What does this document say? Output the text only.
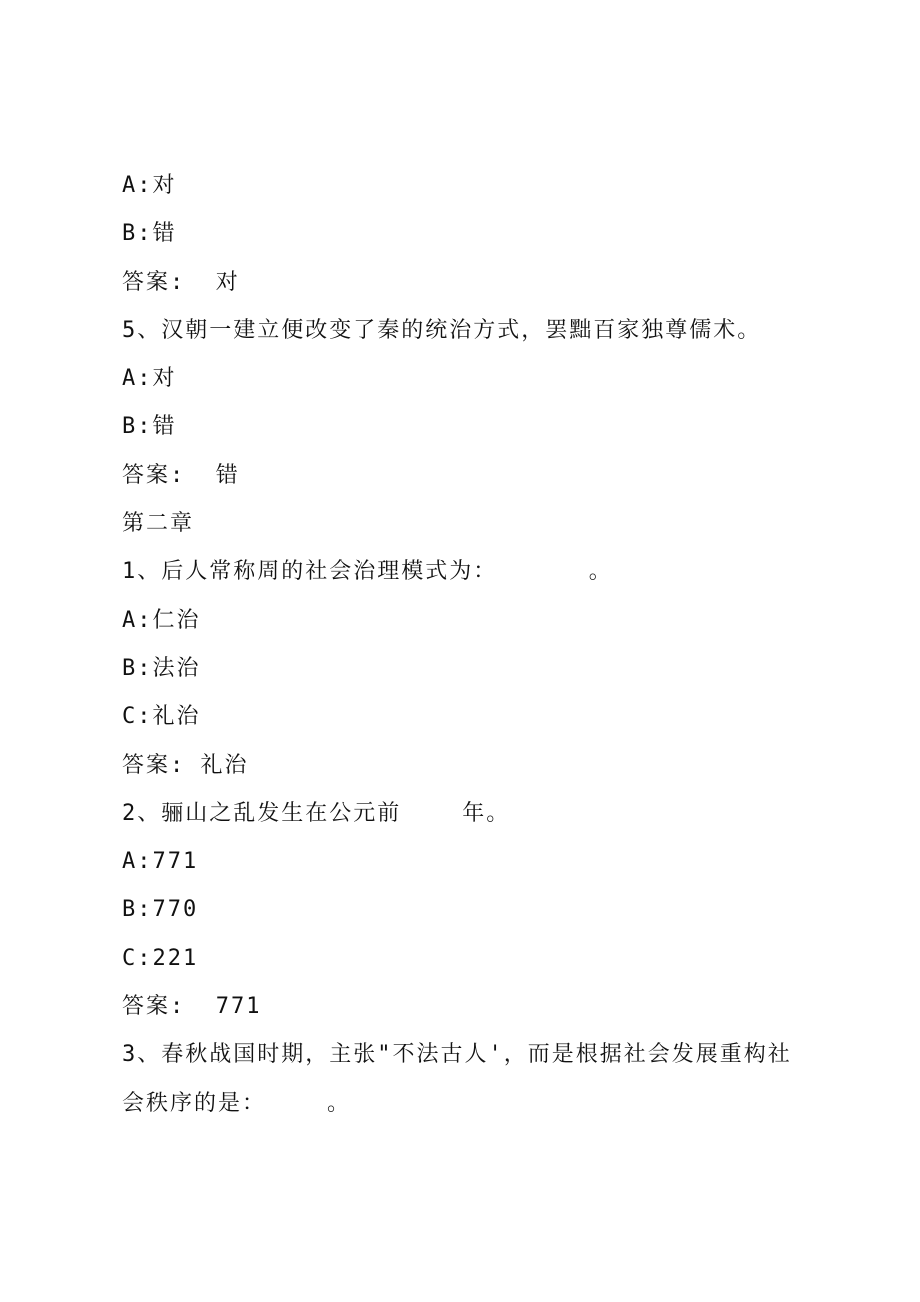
A:对
B:错
答案:  对
5、汉朝一建立便改变了秦的统治方式，罢黜百家独尊儒术。
A:对
B:错
答案:  错
第二章
1、后人常称周的社会治理模式为：      。
A:仁治
B:法治
C:礼治
答案: 礼治
2、骊山之乱发生在公元前    年。
A:771
B:770
C:221
答案:  771
3、春秋战国时期，主张"不法古人'，而是根据社会发展重构社
会秩序的是：    。
